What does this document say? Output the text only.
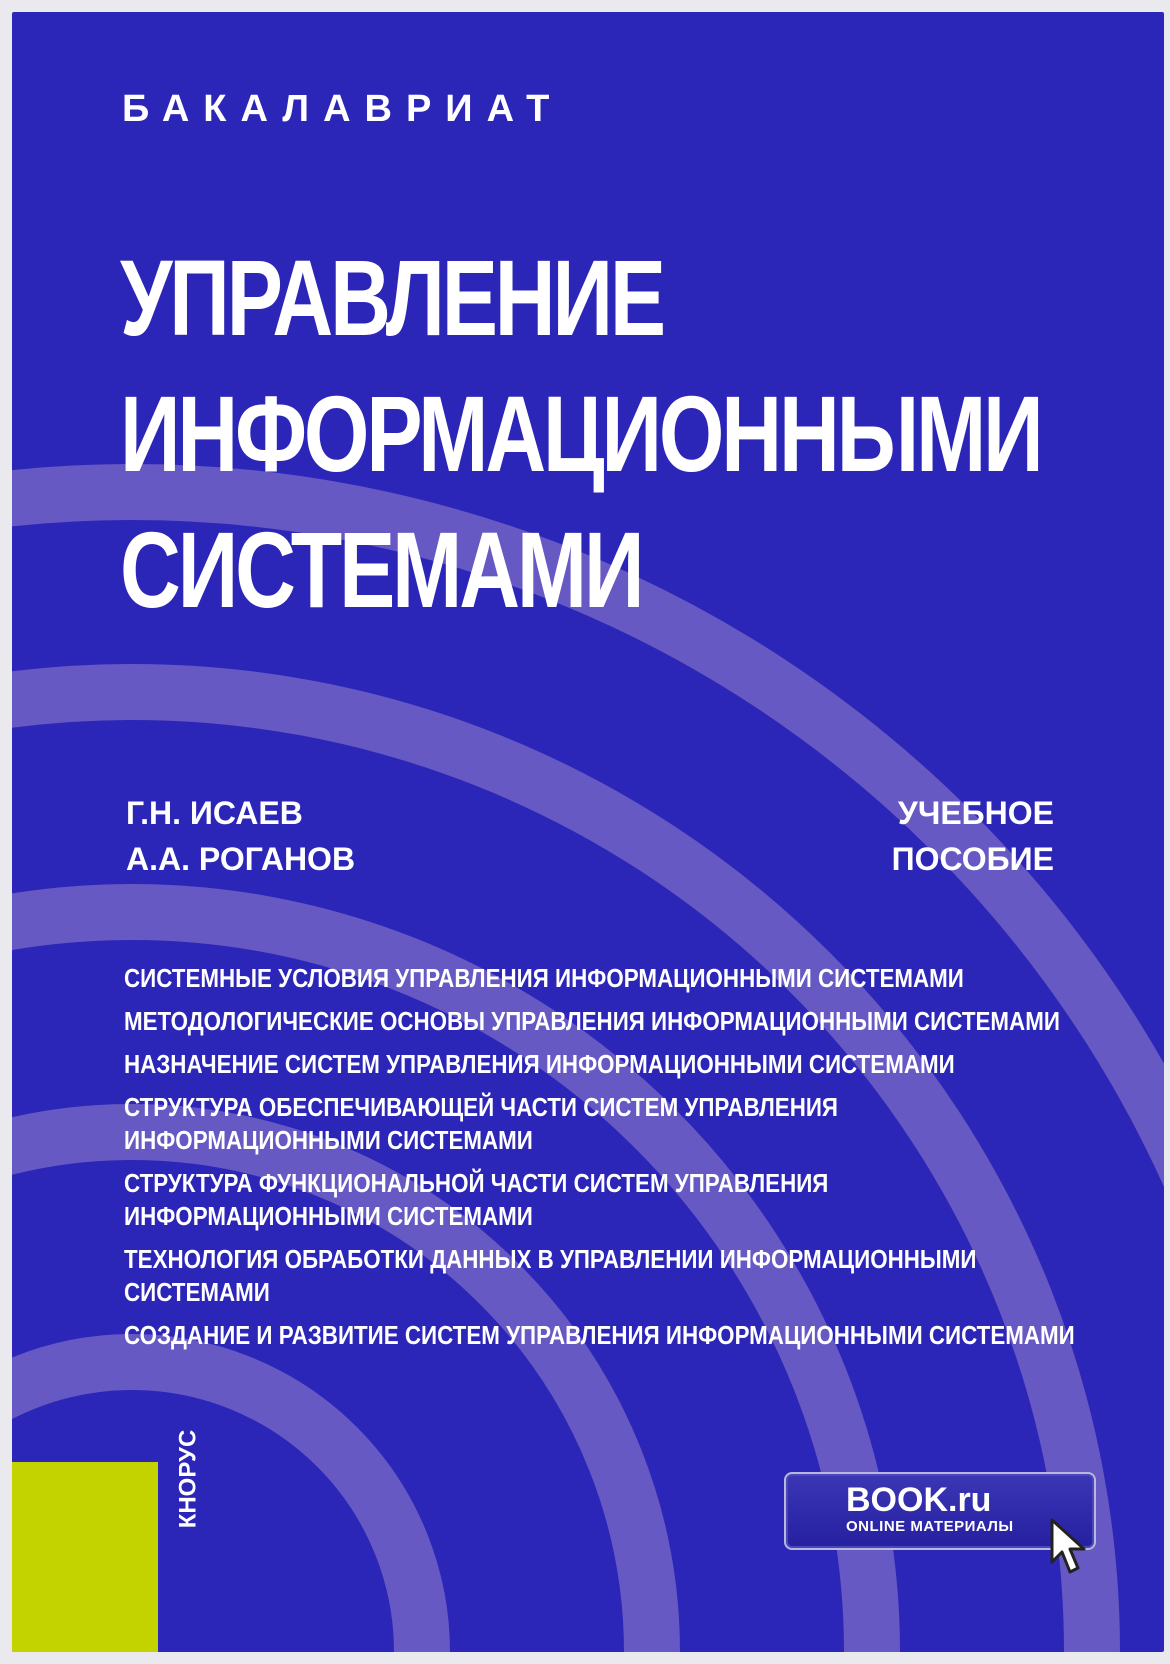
БАКАЛАВРИАТ
УПРАВЛЕНИЕ
ИНФОРМАЦИОННЫМИ
СИСТЕМАМИ
Г.Н. ИСАЕВ
А.А. РОГАНОВ
УЧЕБНОЕ
ПОСОБИЕ
СИСТЕМНЫЕ УСЛОВИЯ УПРАВЛЕНИЯ ИНФОРМАЦИОННЫМИ СИСТЕМАМИ
МЕТОДОЛОГИЧЕСКИЕ ОСНОВЫ УПРАВЛЕНИЯ ИНФОРМАЦИОННЫМИ СИСТЕМАМИ
НАЗНАЧЕНИЕ СИСТЕМ УПРАВЛЕНИЯ ИНФОРМАЦИОННЫМИ СИСТЕМАМИ
СТРУКТУРА ОБЕСПЕЧИВАЮЩЕЙ ЧАСТИ СИСТЕМ УПРАВЛЕНИЯ
ИНФОРМАЦИОННЫМИ СИСТЕМАМИ
СТРУКТУРА ФУНКЦИОНАЛЬНОЙ ЧАСТИ СИСТЕМ УПРАВЛЕНИЯ
ИНФОРМАЦИОННЫМИ СИСТЕМАМИ
ТЕХНОЛОГИЯ ОБРАБОТКИ ДАННЫХ В УПРАВЛЕНИИ ИНФОРМАЦИОННЫМИ
СИСТЕМАМИ
СОЗДАНИЕ И РАЗВИТИЕ СИСТЕМ УПРАВЛЕНИЯ ИНФОРМАЦИОННЫМИ СИСТЕМАМИ
КНОРУС	BOOK.ru
ONLINE МАТЕРИАЛЫ
